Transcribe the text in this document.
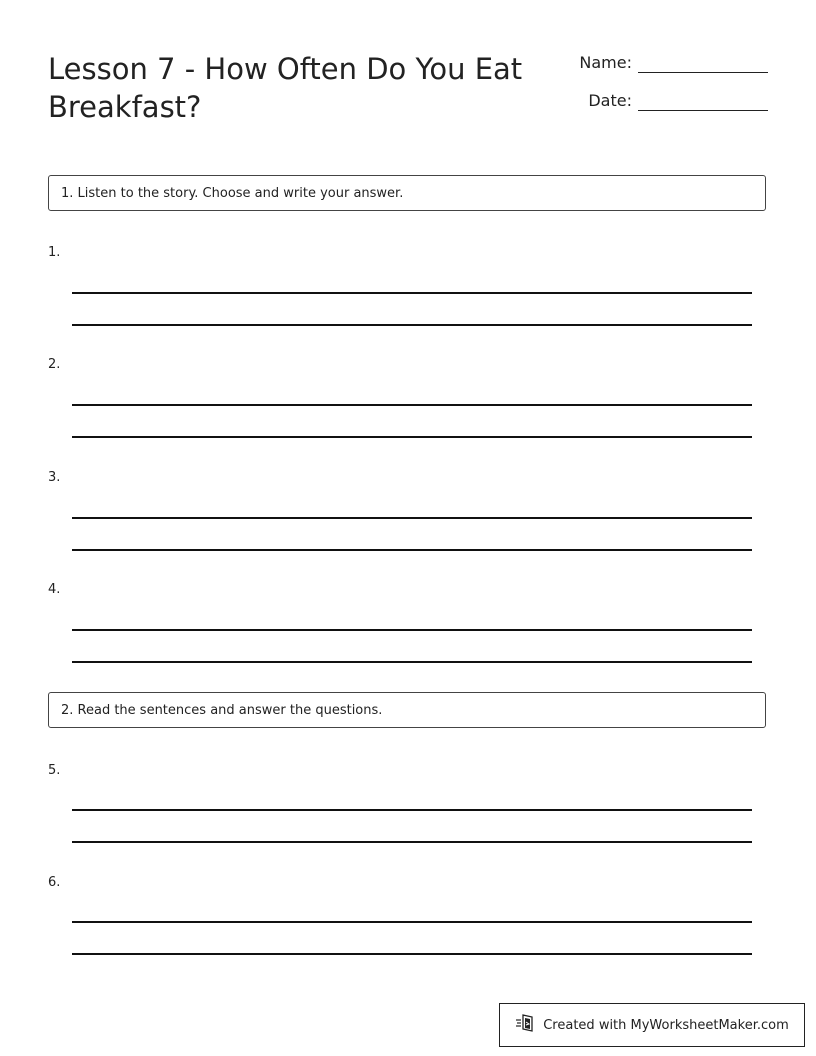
Lesson 7 - How Often Do You Eat Breakfast?
Name:
Date:
1. Listen to the story. Choose and write your answer.
1.
2.
3.
4.
2. Read the sentences and answer the questions.
5.
6.
Created with MyWorksheetMaker.com
